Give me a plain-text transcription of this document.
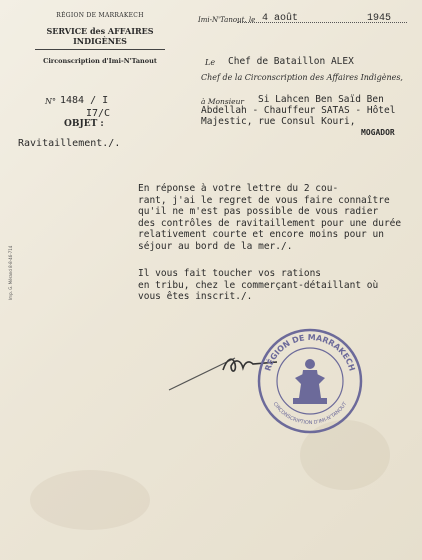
RÉGION DE MARRAKECH
SERVICE des AFFAIRES INDIGÈNES
Circonscription d'Imi-N'Tanout
Imi-N'Tanout, le 4 août	1945
Le Chef de Bataillon ALEX
Chef de la Circonscription des Affaires Indigènes,
à Monsieur Si Lahcen Ben Saïd Ben
Abdellah - Chauffeur SATAS - Hôtel
Majestic, rue Consul Kouri,
MOGADOR
N° 1484 / I
I7/C
OBJET :
Ravitaillement./.
En réponse à votre lettre du 2 cou-
rant, j'ai le regret de vous faire connaître
qu'il ne m'est pas possible de vous radier
des contrôles de ravitaillement pour une durée
relativement courte et encore moins pour un
séjour au bord de la mer./.
Il vous fait toucher vos rations
en tribu, chez le commerçant-détaillant où
vous êtes inscrit./.
Imp. G. Mérand 8-8-46-714
RÉGION DE MARRAKECH
CIRCONSCRIPTION D'IMI-N'TANOUT
